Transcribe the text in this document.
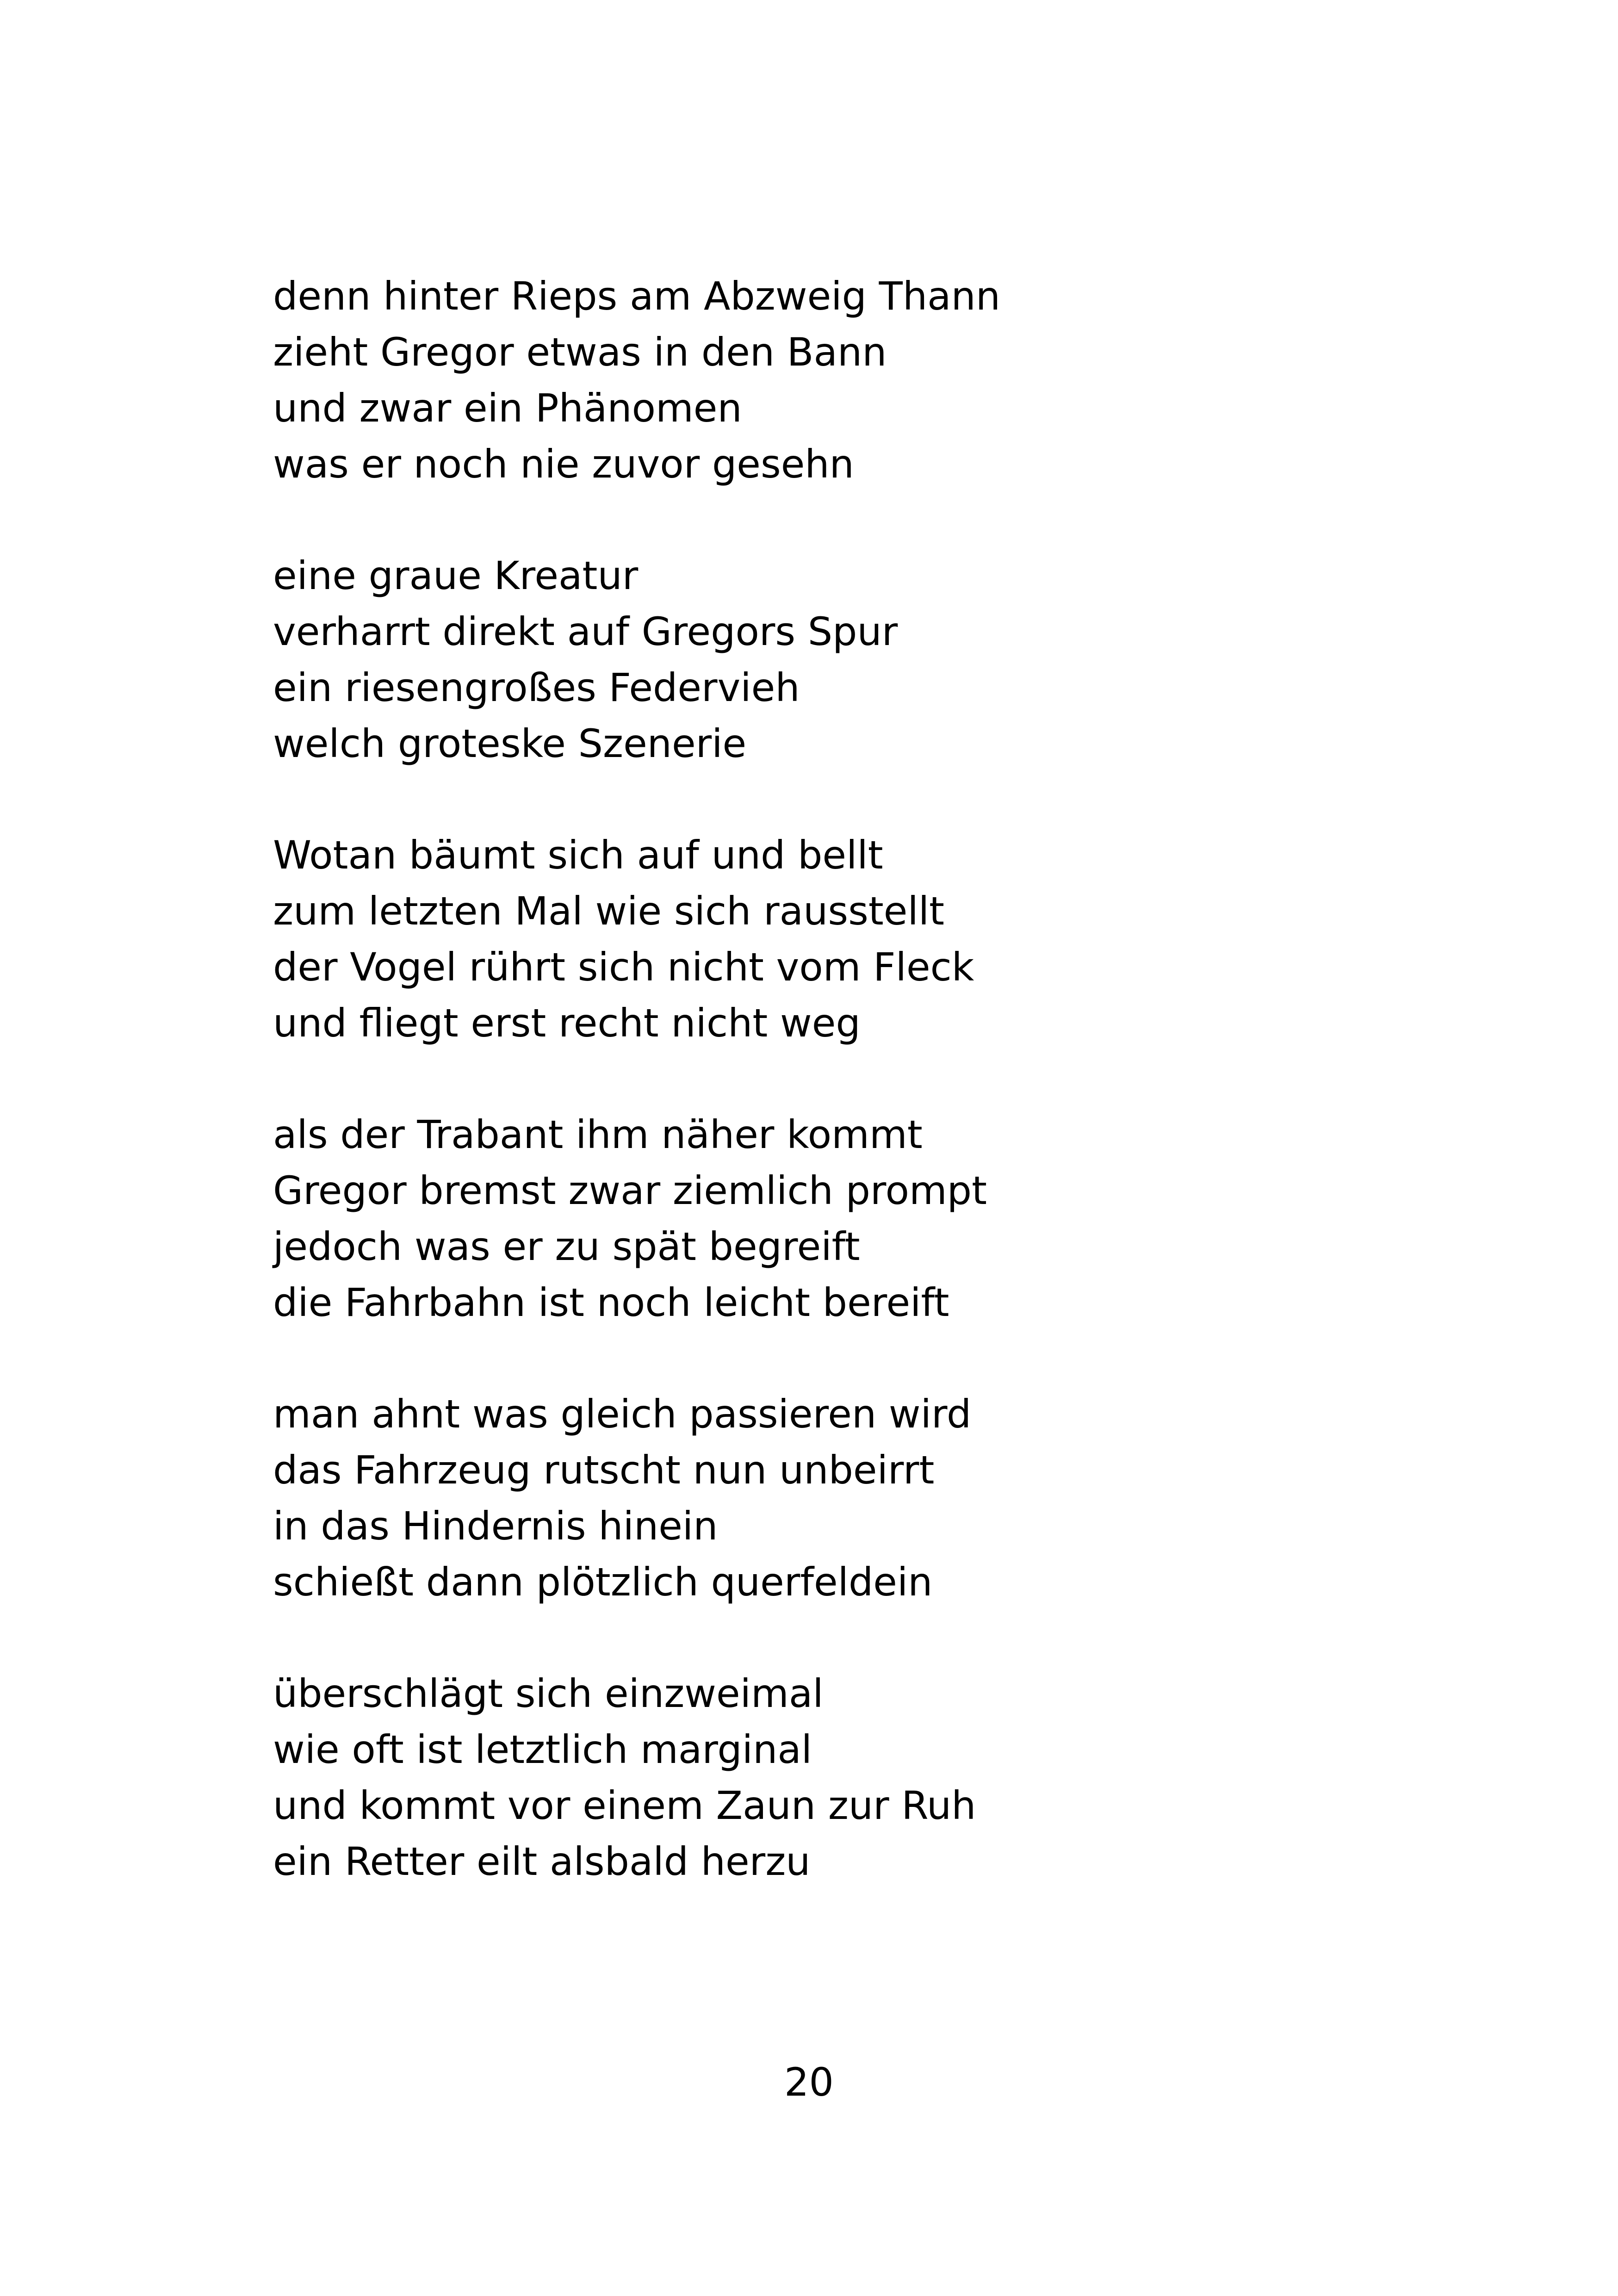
denn hinter Rieps am Abzweig Thann
zieht Gregor etwas in den Bann
und zwar ein Phänomen
was er noch nie zuvor gesehn
eine graue Kreatur
verharrt direkt auf Gregors Spur
ein riesengroßes Federvieh
welch groteske Szenerie
Wotan bäumt sich auf und bellt
zum letzten Mal wie sich rausstellt
der Vogel rührt sich nicht vom Fleck
und fliegt erst recht nicht weg
als der Trabant ihm näher kommt
Gregor bremst zwar ziemlich prompt
jedoch was er zu spät begreift
die Fahrbahn ist noch leicht bereift
man ahnt was gleich passieren wird
das Fahrzeug rutscht nun unbeirrt
in das Hindernis hinein
schießt dann plötzlich querfeldein
überschlägt sich einzweimal
wie oft ist letztlich marginal
und kommt vor einem Zaun zur Ruh
ein Retter eilt alsbald herzu
20
